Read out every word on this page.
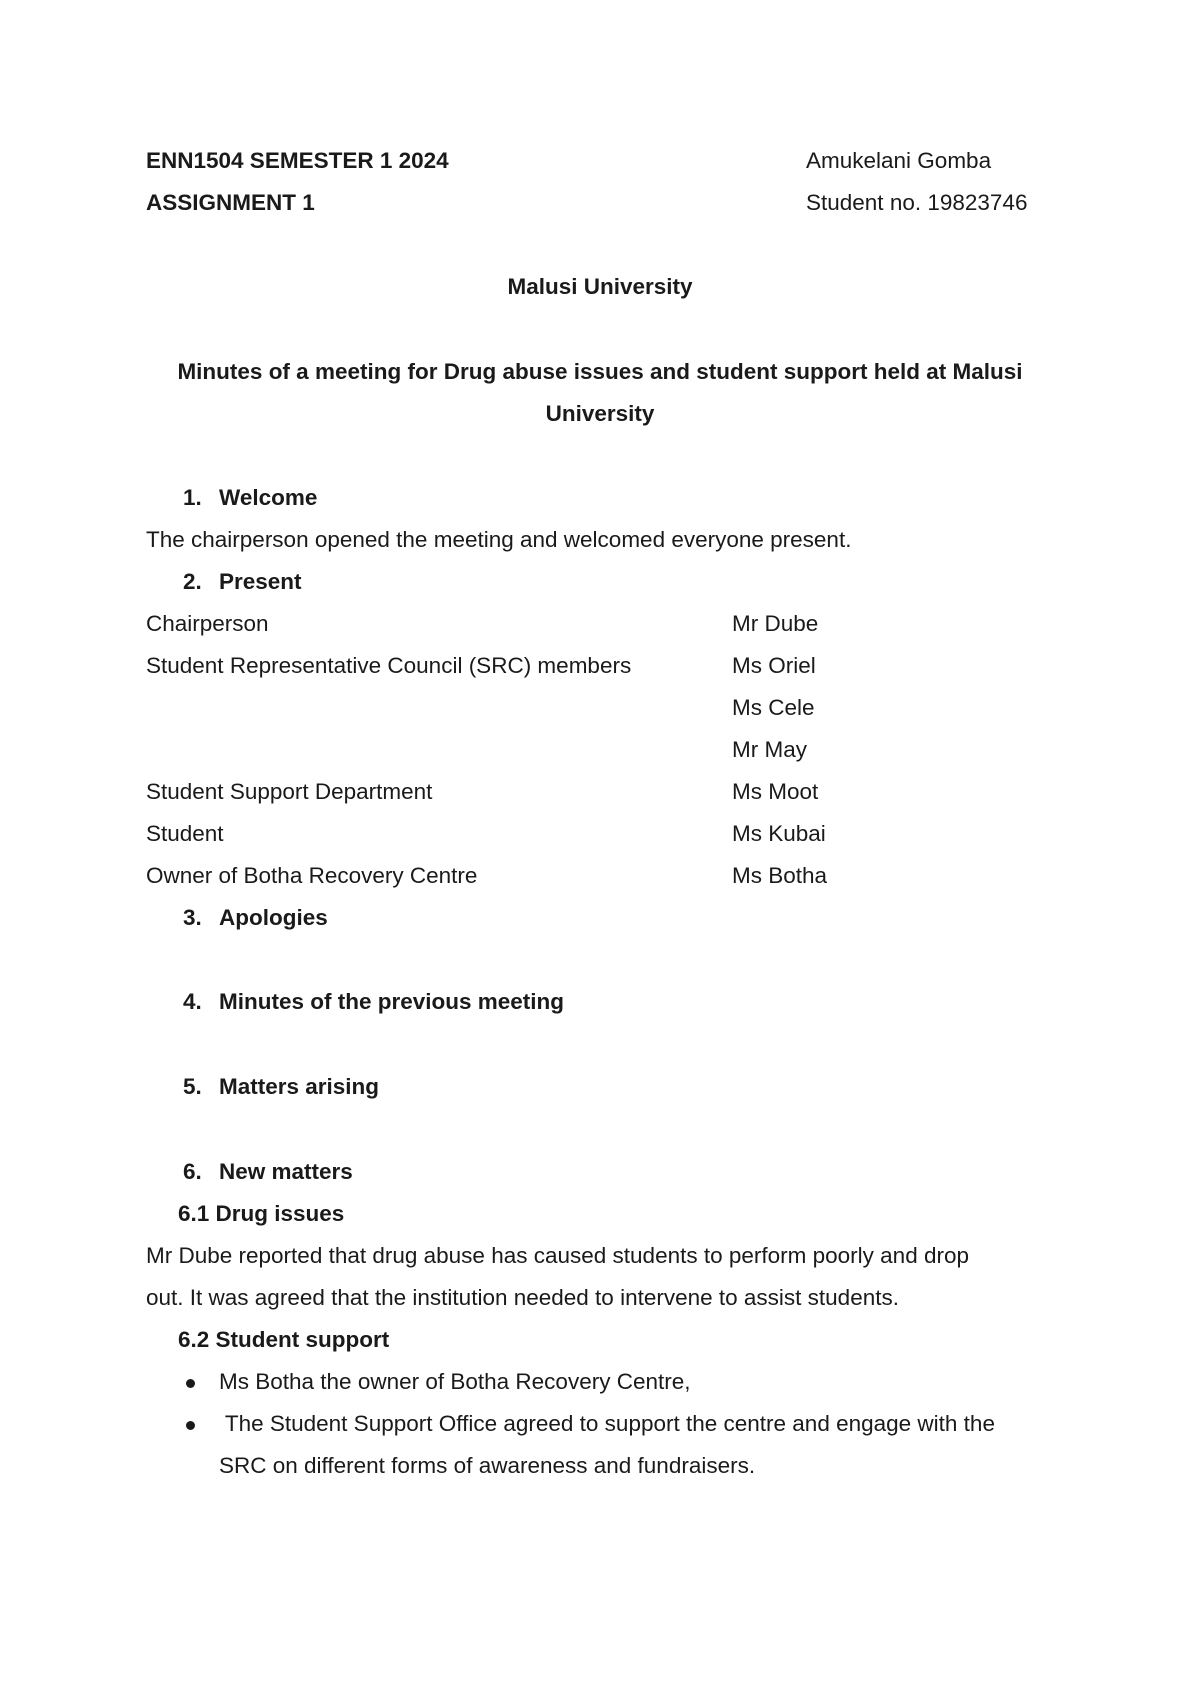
ENN1504 SEMESTER 1 2024
ASSIGNMENT 1
Amukelani Gomba
Student no. 19823746
Malusi University
Minutes of a meeting for Drug abuse issues and student support held at Malusi
University
1. Welcome
The chairperson opened the meeting and welcomed everyone present.
2. Present
Chairperson	Mr Dube
Student Representative Council (SRC) members	Ms Oriel
Ms Cele
Mr May
Student Support Department	Ms Moot
Student	Ms Kubai
Owner of Botha Recovery Centre	Ms Botha
3. Apologies
4. Minutes of the previous meeting
5. Matters arising
6. New matters
6.1 Drug issues
Mr Dube reported that drug abuse has caused students to perform poorly and drop
out. It was agreed that the institution needed to intervene to assist students.
6.2 Student support
Ms Botha the owner of Botha Recovery Centre,
The Student Support Office agreed to support the centre and engage with the
SRC on different forms of awareness and fundraisers.
